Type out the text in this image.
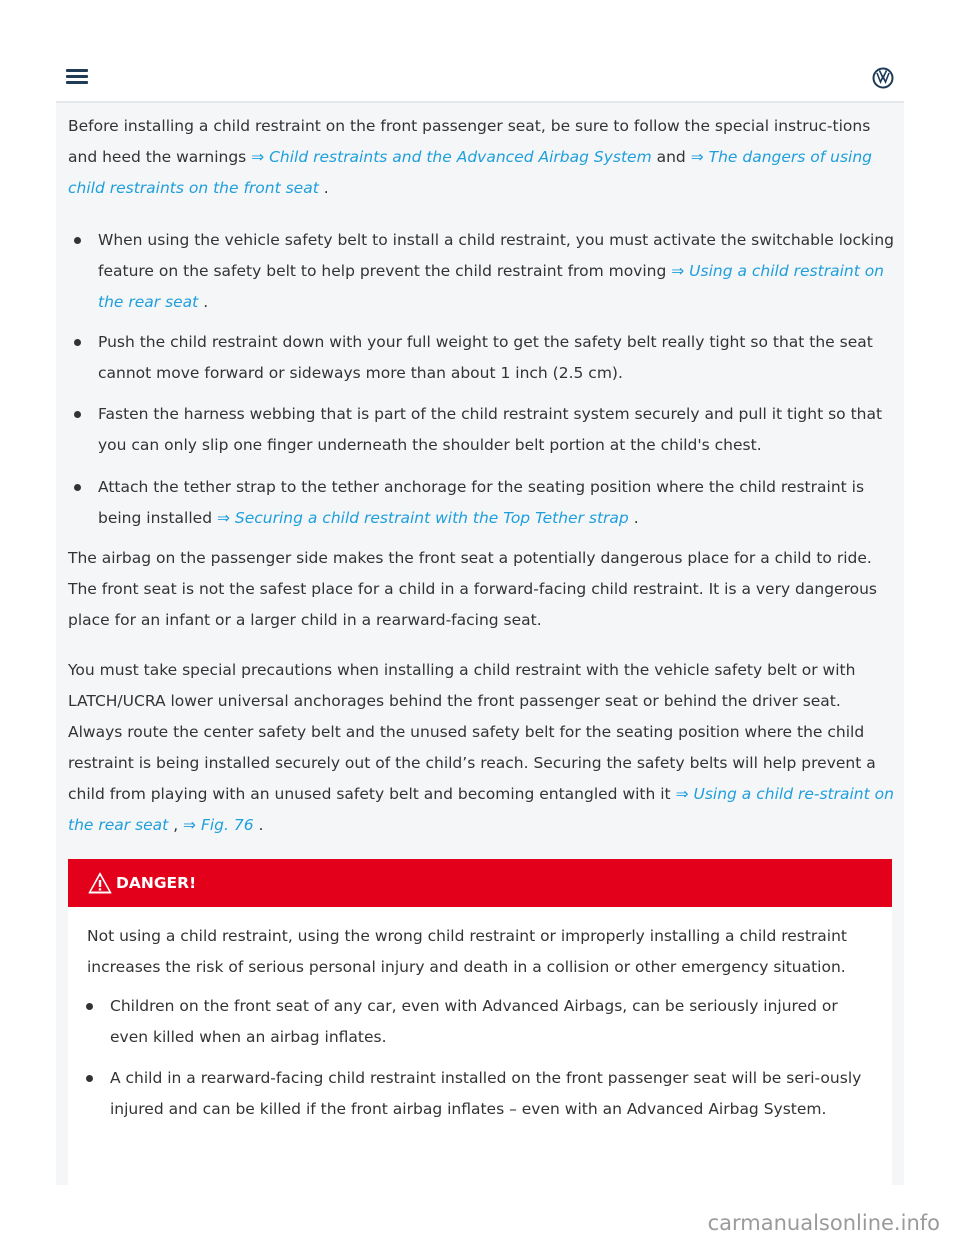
Before installing a child restraint on the front passenger seat, be sure to follow the special instruc-tions and heed the warnings ⇒ Child restraints and the Advanced Airbag System and ⇒ The dangers of using child restraints on the front seat .

When using the vehicle safety belt to install a child restraint, you must activate the switchable locking feature on the safety belt to help prevent the child restraint from moving ⇒ Using a child restraint on the rear seat .
Push the child restraint down with your full weight to get the safety belt really tight so that the seat cannot move forward or sideways more than about 1 inch (2.5 cm).
Fasten the harness webbing that is part of the child restraint system securely and pull it tight so that you can only slip one finger underneath the shoulder belt portion at the child's chest.
Attach the tether strap to the tether anchorage for the seating position where the child restraint is being installed ⇒ Securing a child restraint with the Top Tether strap .

The airbag on the passenger side makes the front seat a potentially dangerous place for a child to ride. The front seat is not the safest place for a child in a forward-facing child restraint. It is a very dangerous place for an infant or a larger child in a rearward-facing seat.

You must take special precautions when installing a child restraint with the vehicle safety belt or with LATCH/UCRA lower universal anchorages behind the front passenger seat or behind the driver seat. Always route the center safety belt and the unused safety belt for the seating position where the child restraint is being installed securely out of the child’s reach. Securing the safety belts will help prevent a child from playing with an unused safety belt and becoming entangled with it ⇒ Using a child re-straint on the rear seat , ⇒ Fig. 76 .

DANGER!

Not using a child restraint, using the wrong child restraint or improperly installing a child restraint increases the risk of serious personal injury and death in a collision or other emergency situation.

Children on the front seat of any car, even with Advanced Airbags, can be seriously injured or even killed when an airbag inflates.
A child in a rearward-facing child restraint installed on the front passenger seat will be seri-ously injured and can be killed if the front airbag inflates – even with an Advanced Airbag System.
carmanualsonline.info
